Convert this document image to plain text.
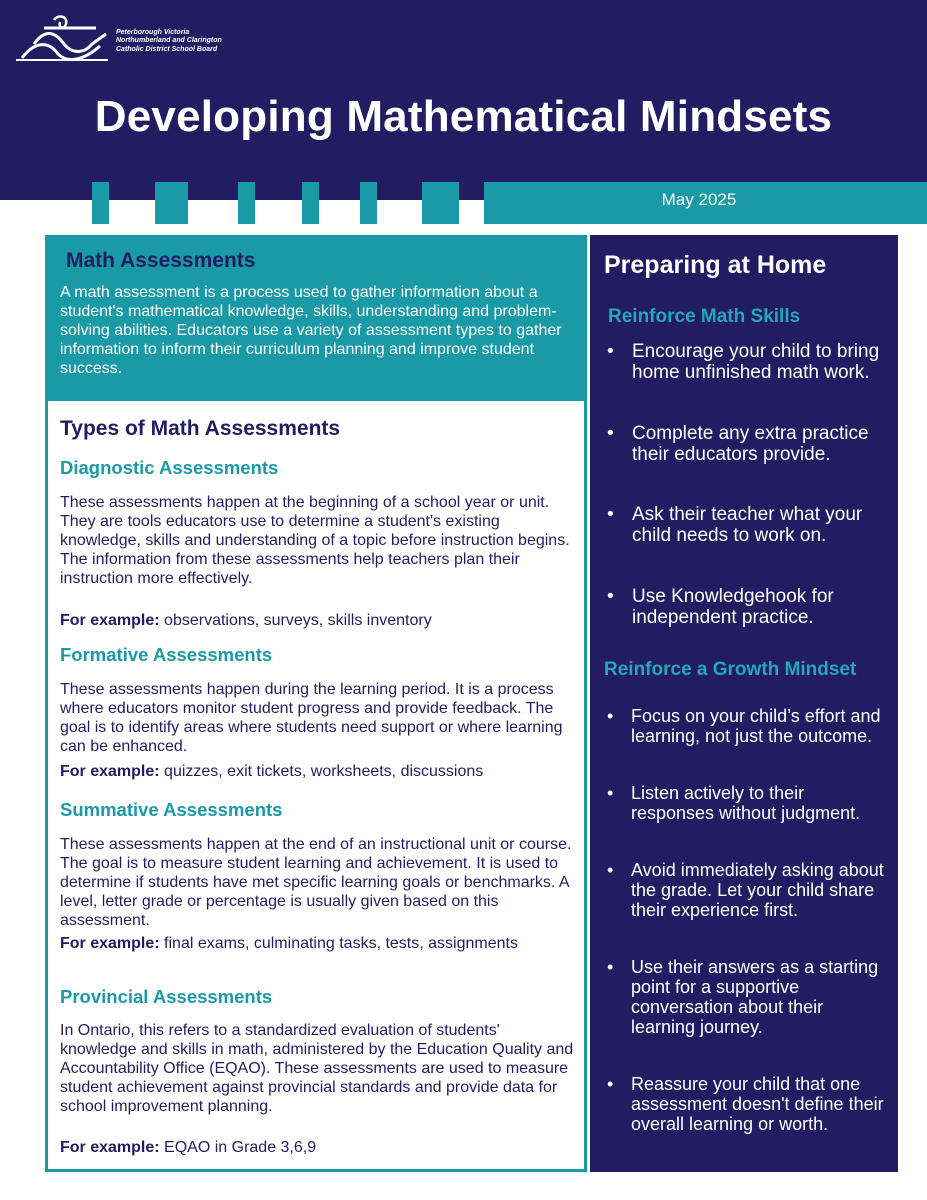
Peterborough Victoria
Northumberland and Clarington
Catholic District School Board
Developing Mathematical Mindsets
May 2025
Math Assessments
A math assessment is a process used to gather information about a student's mathematical knowledge, skills, understanding and problem-solving abilities. Educators use a variety of assessment types to gather information to inform their curriculum planning and improve student success.
Types of Math Assessments
Diagnostic Assessments
These assessments happen at the beginning of a school year or unit. They are tools educators use to determine a student's existing knowledge, skills and understanding of a topic before instruction begins. The information from these assessments help teachers plan their instruction more effectively.
For example: observations, surveys, skills inventory
Formative Assessments
These assessments happen during the learning period. It is a process where educators monitor student progress and provide feedback. The goal is to identify areas where students need support or where learning can be enhanced.
For example: quizzes, exit tickets, worksheets, discussions
Summative Assessments
These assessments happen at the end of an instructional unit or course. The goal is to measure student learning and achievement. It is used to determine if students have met specific learning goals or benchmarks. A level, letter grade or percentage is usually given based on this assessment.
For example: final exams, culminating tasks, tests, assignments
Provincial Assessments
In Ontario, this refers to a standardized evaluation of students' knowledge and skills in math, administered by the Education Quality and Accountability Office (EQAO). These assessments are used to measure student achievement against provincial standards and provide data for school improvement planning.
For example: EQAO in Grade 3,6,9
Preparing at Home
Reinforce Math Skills
• Encourage your child to bring home unfinished math work.
• Complete any extra practice their educators provide.
• Ask their teacher what your child needs to work on.
• Use Knowledgehook for independent practice.
Reinforce a Growth Mindset
• Focus on your child’s effort and learning, not just the outcome.
• Listen actively to their responses without judgment.
• Avoid immediately asking about the grade. Let your child share their experience first.
• Use their answers as a starting point for a supportive conversation about their learning journey.
• Reassure your child that one assessment doesn't define their overall learning or worth.
